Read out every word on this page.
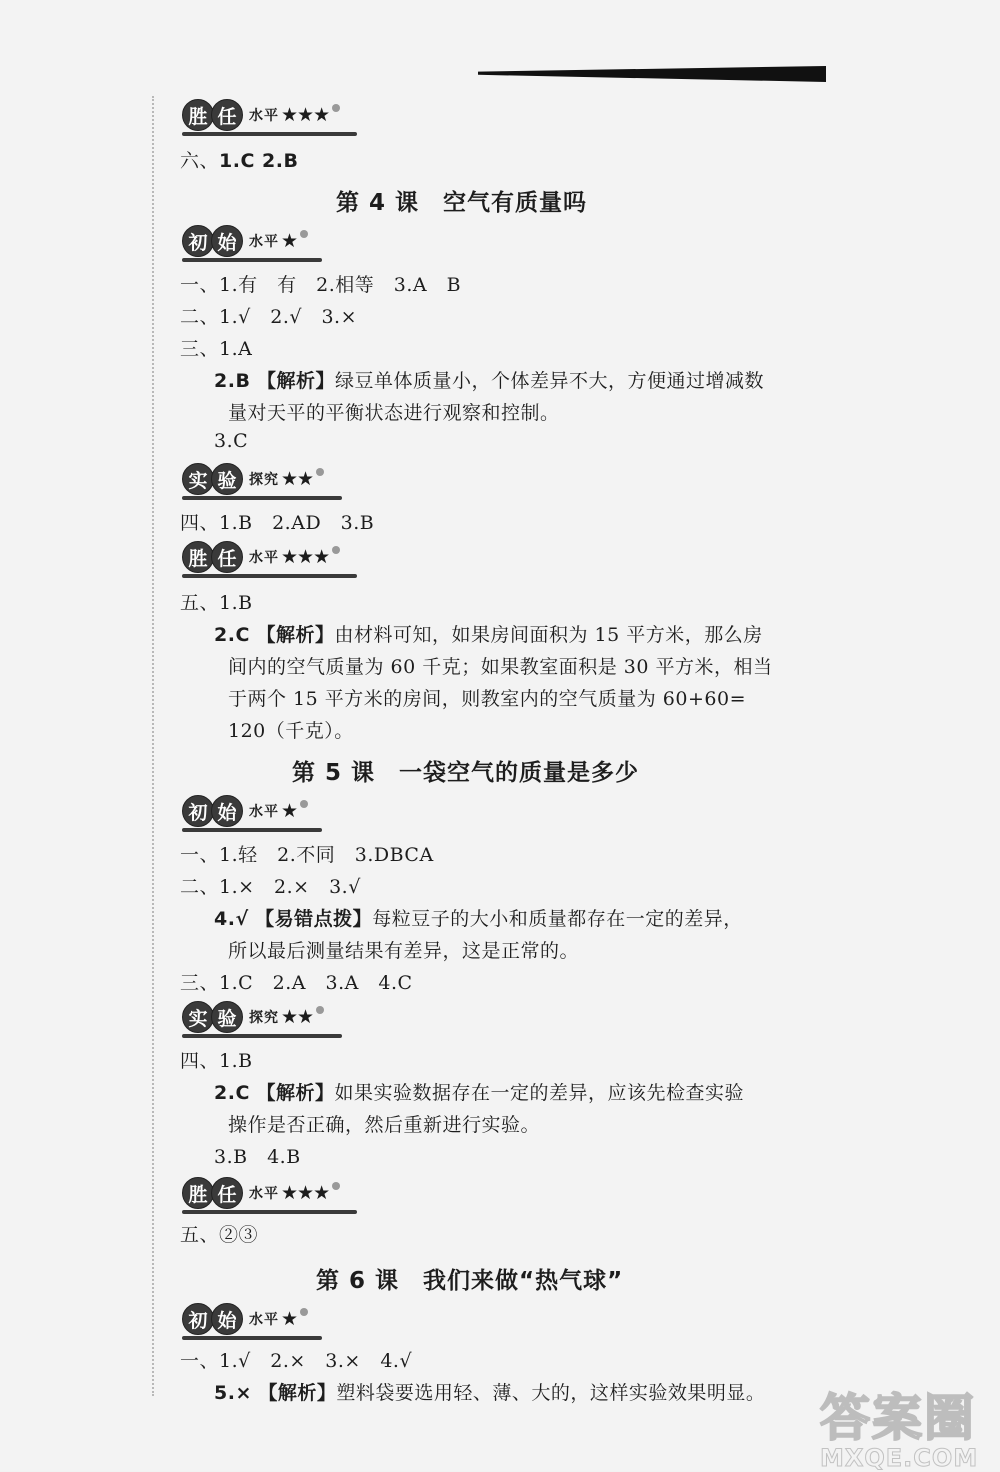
胜 任 水平 ★★★
六、1.C 2.B
第 4 课　空气有质量吗
初 始 水平 ★
一、1.有　有　2.相等　3.A　B
二、1.√　2.√　3.×
三、1.A
2.B 【解析】绿豆单体质量小，个体差异不大，方便通过增减数
量对天平的平衡状态进行观察和控制。
3.C
实 验 探究 ★★
四、1.B　2.AD　3.B
胜 任 水平 ★★★
五、1.B
2.C 【解析】由材料可知，如果房间面积为 15 平方米，那么房
间内的空气质量为 60 千克；如果教室面积是 30 平方米，相当
于两个 15 平方米的房间，则教室内的空气质量为 60+60=
120（千克）。
第 5 课　一袋空气的质量是多少
初 始 水平 ★
一、1.轻　2.不同　3.DBCA
二、1.×　2.×　3.√
4.√ 【易错点拨】每粒豆子的大小和质量都存在一定的差异，
所以最后测量结果有差异，这是正常的。
三、1.C　2.A　3.A　4.C
实 验 探究 ★★
四、1.B
2.C 【解析】如果实验数据存在一定的差异，应该先检查实验
操作是否正确，然后重新进行实验。
3.B　4.B
胜 任 水平 ★★★
五、②③
第 6 课　我们来做“热气球”
初 始 水平 ★
一、1.√　2.×　3.×　4.√
5.× 【解析】塑料袋要选用轻、薄、大的，这样实验效果明显。 答案圈
MXQE.COM
